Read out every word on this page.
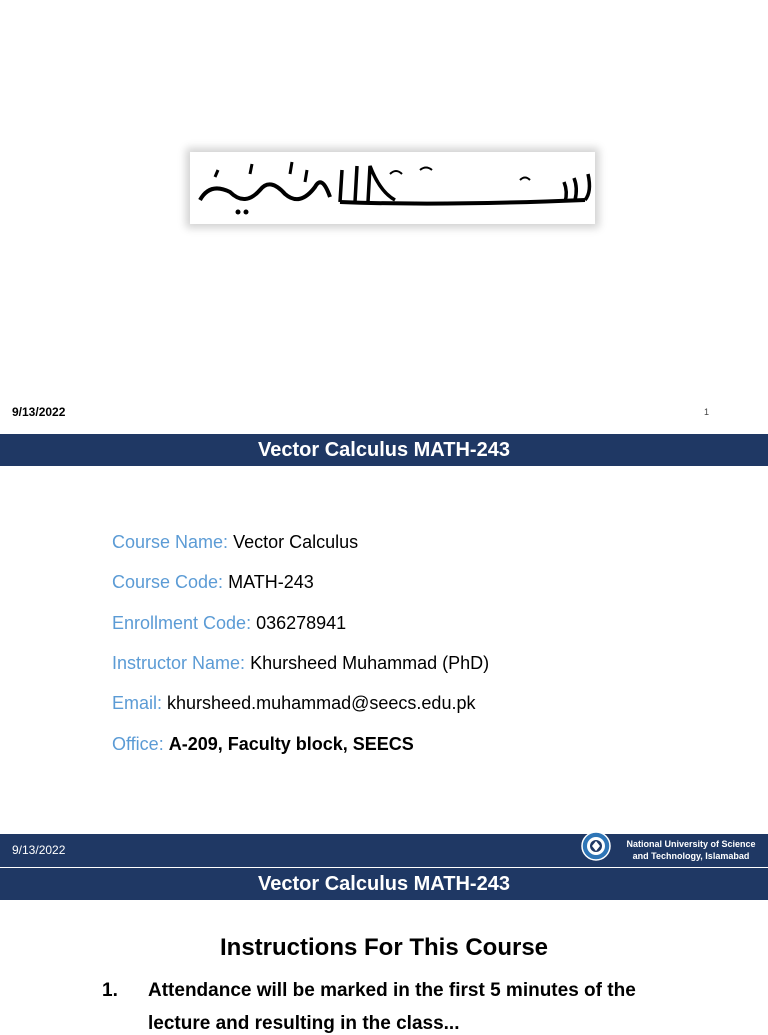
9/13/2022	1
Vector Calculus MATH-243
Course Name: Vector Calculus
Course Code: MATH-243
Enrollment Code: 036278941
Instructor Name: Khursheed Muhammad (PhD)
Email: khursheed.muhammad@seecs.edu.pk
Office: A-209, Faculty block, SEECS
9/13/2022	National University of Science
and Technology, Islamabad
Vector Calculus MATH-243
Instructions For This Course
1. Attendance will be marked in the first 5 minutes of the
lecture and resulting in the class...
